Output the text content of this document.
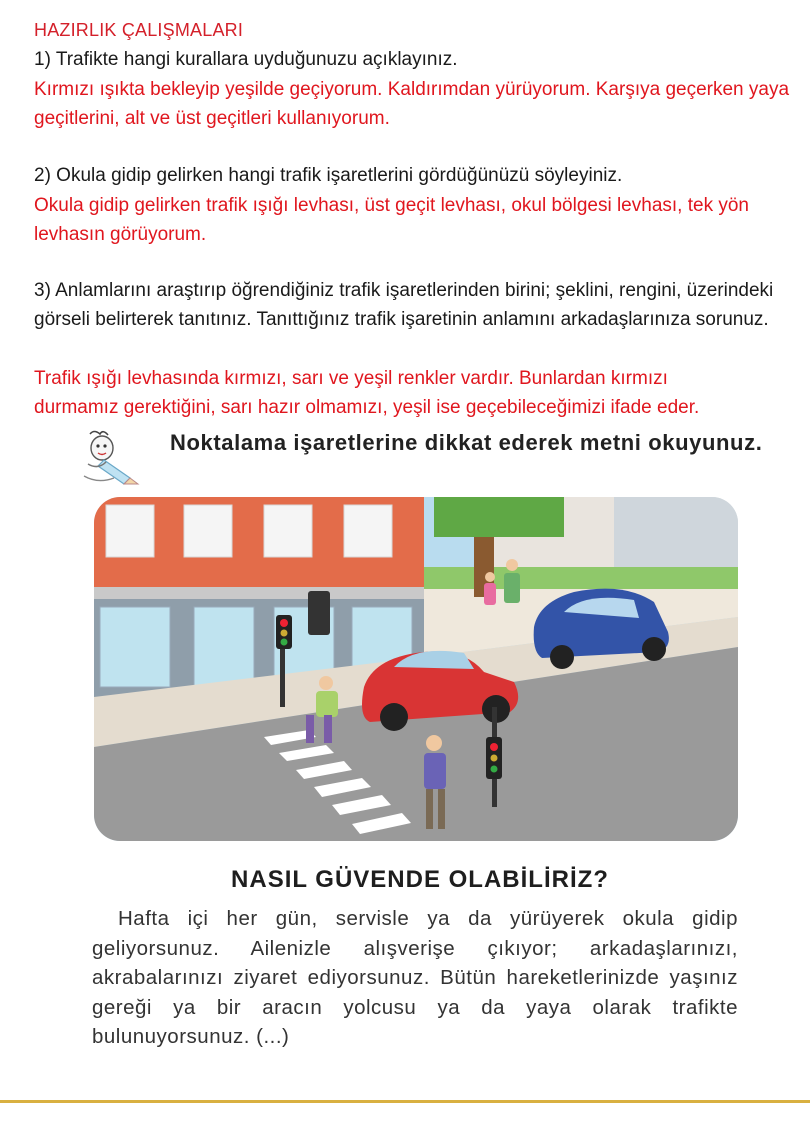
HAZIRLIK ÇALIŞMALARI

1) Trafikte hangi kurallara uyduğunuzu açıklayınız.

Kırmızı ışıkta bekleyip yeşilde geçiyorum. Kaldırımdan yürüyorum. Karşıya geçerken yaya geçitlerini, alt ve üst geçitleri kullanıyorum.

2) Okula gidip gelirken hangi trafik işaretlerini gördüğünüzü söyleyiniz.

Okula gidip gelirken trafik ışığı levhası, üst geçit levhası, okul bölgesi levhası, tek yön levhasın görüyorum.

3) Anlamlarını araştırıp öğrendiğiniz trafik işaretlerinden birini; şeklini, rengini, üzerindeki görseli belirterek tanıtınız. Tanıttığınız trafik işaretinin anlamını arkadaşlarınıza sorunuz.

Trafik ışığı levhasında kırmızı, sarı ve yeşil renkler vardır. Bunlardan kırmızı durmamız gerektiğini, sarı hazır olmamızı, yeşil ise geçebileceğimizi ifade eder.

Noktalama işaretlerine dikkat ederek metni okuyunuz.
NASIL GÜVENDE OLABİLİRİZ?

Hafta içi her gün, servisle ya da yürüyerek okula gidip geliyorsunuz. Ailenizle alışverişe çıkıyor; arkadaşlarınızı, akrabalarınızı ziyaret ediyorsunuz. Bütün hareketlerinizde yaşınız gereği ya bir aracın yolcusu ya da yaya olarak trafikte bulunuyorsunuz. (...)
